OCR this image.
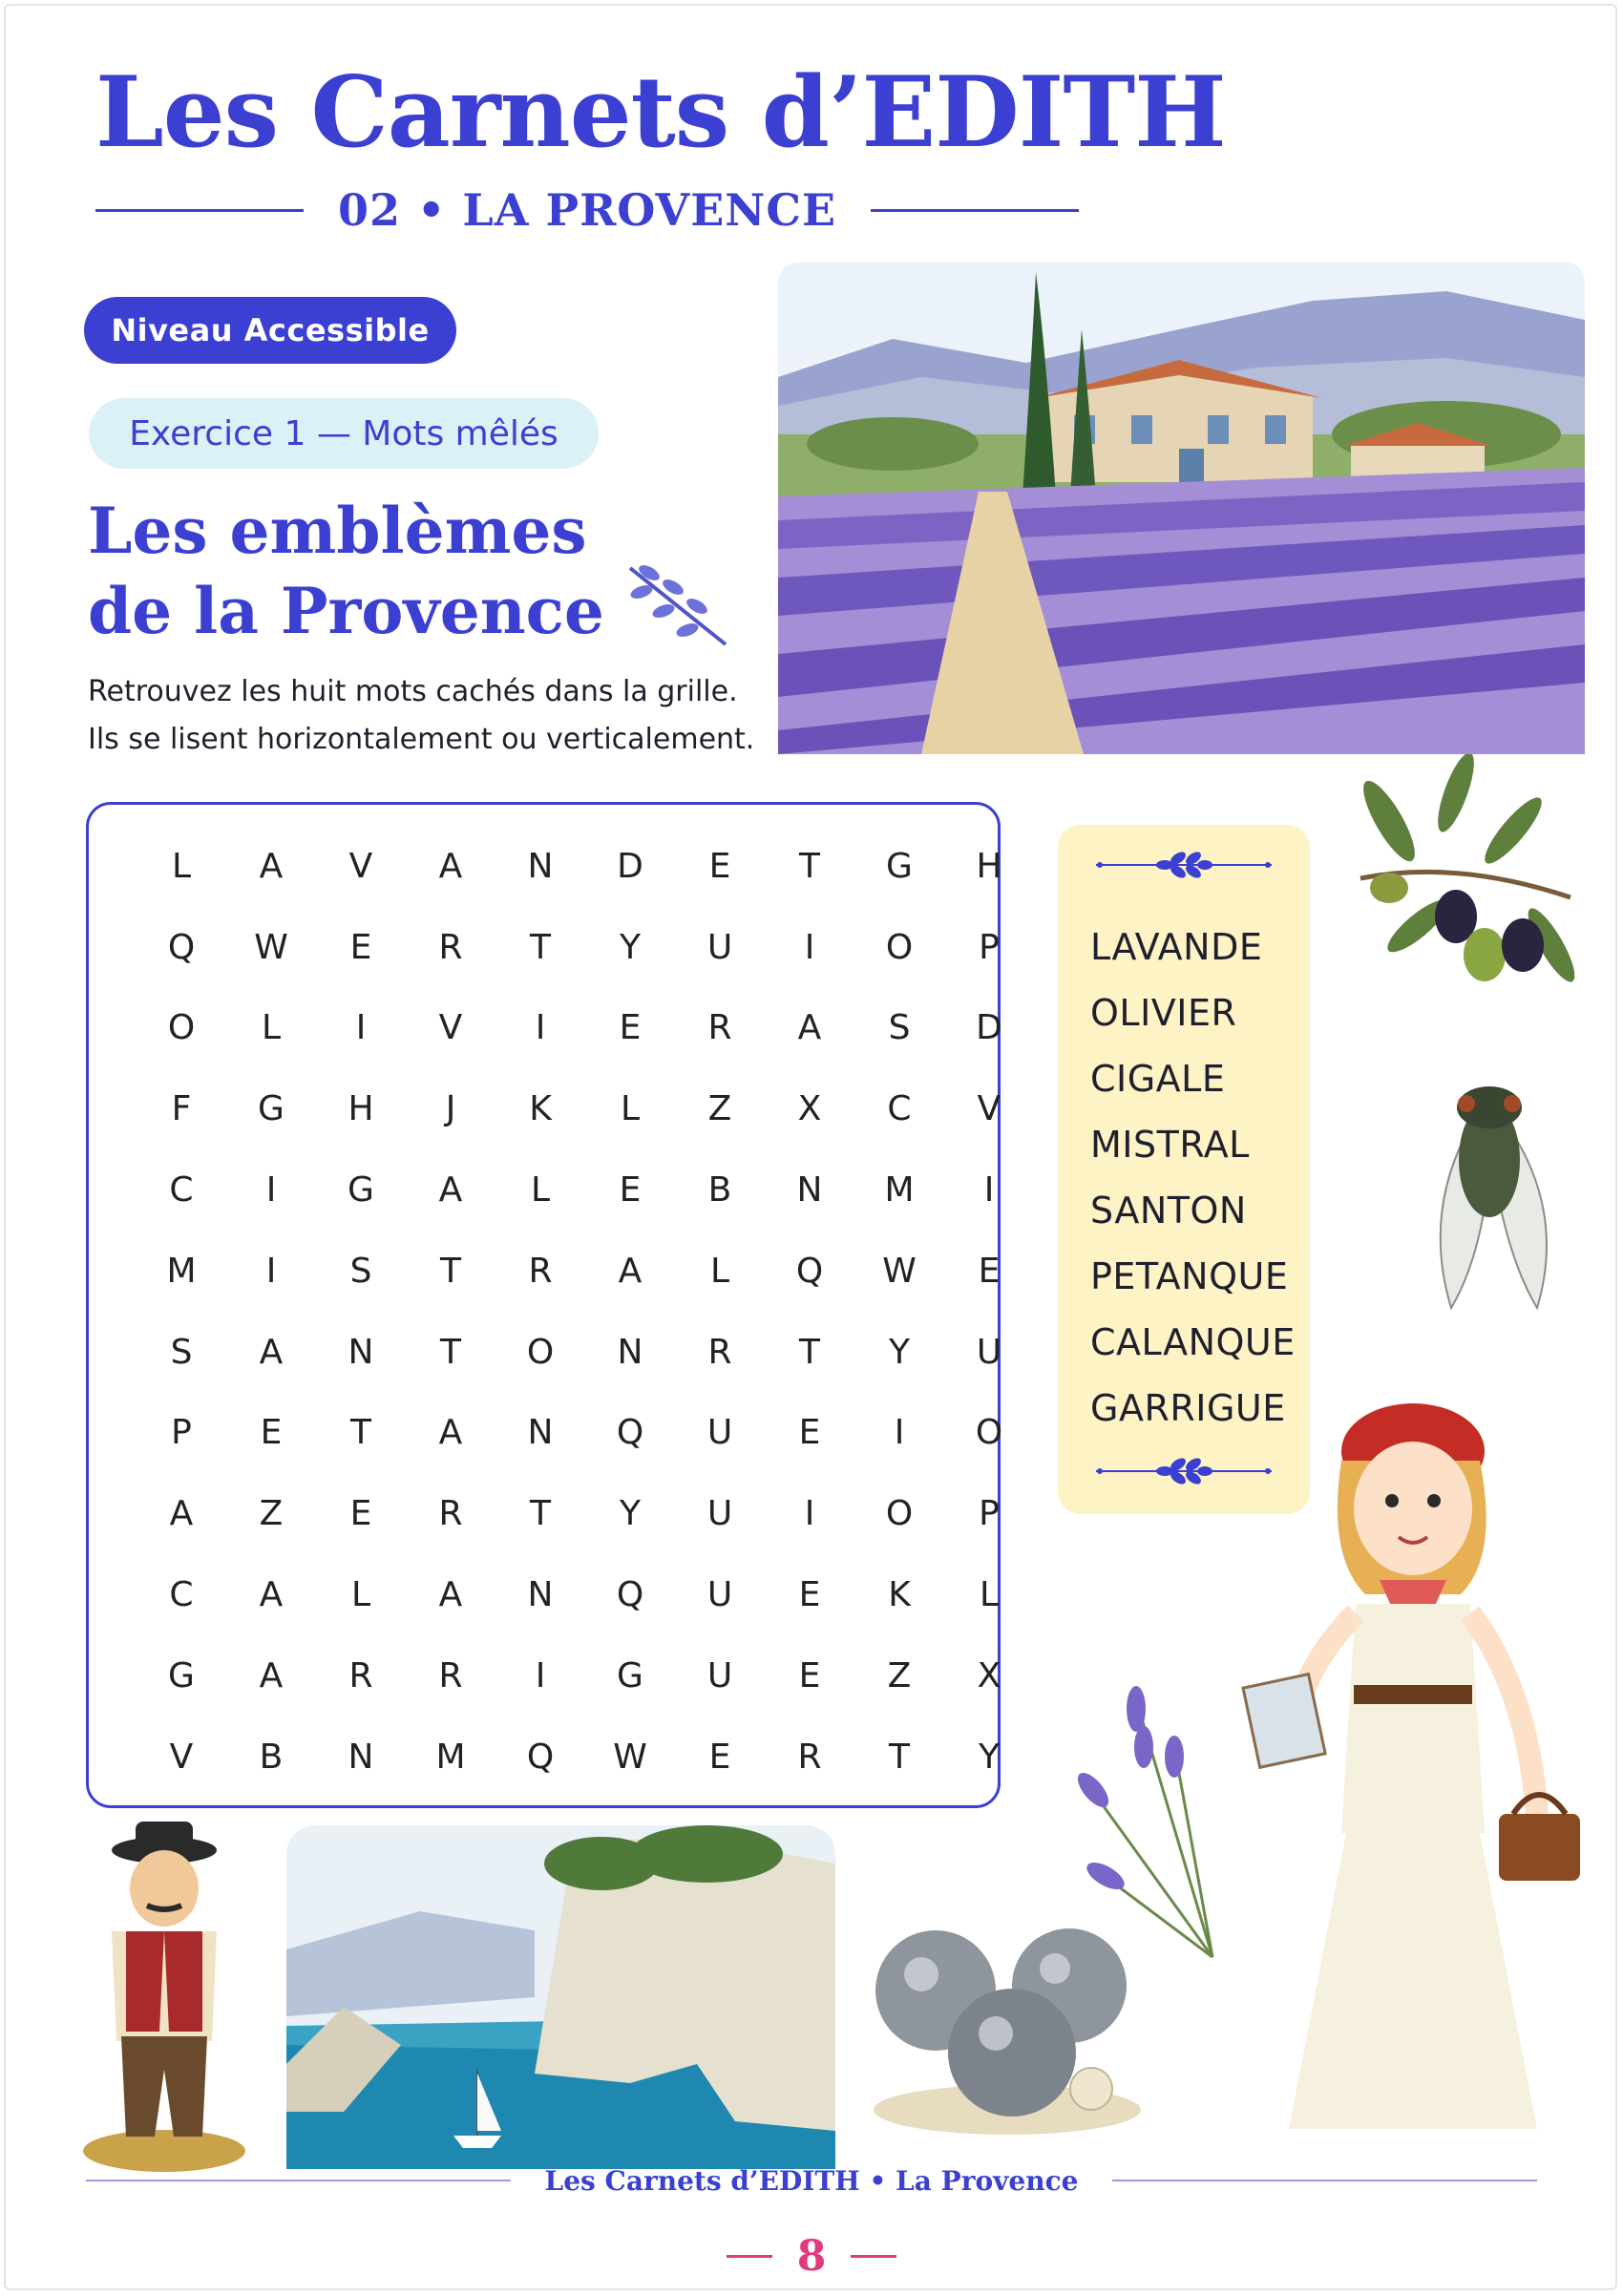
Les Carnets d’EDITH
02 • LA PROVENCE
Niveau Accessible
Exercice 1 — Mots mêlés
Les emblèmes
de la Provence
Retrouvez les huit mots cachés dans la grille.
Ils se lisent horizontalement ou verticalement.
L	A	V	A	N	D	E	T	G	H
Q	W	E	R	T	Y	U	I	O	P
O	L	I	V	I	E	R	A	S	D
F	G	H	J	K	L	Z	X	C	V
C	I	G	A	L	E	B	N	M	I
M	I	S	T	R	A	L	Q	W	E
S	A	N	T	O	N	R	T	Y	U
P	E	T	A	N	Q	U	E	I	O
A	Z	E	R	T	Y	U	I	O	P
C	A	L	A	N	Q	U	E	K	L
G	A	R	R	I	G	U	E	Z	X
V	B	N	M	Q	W	E	R	T	Y
LAVANDE
OLIVIER
CIGALE
MISTRAL
SANTON
PETANQUE
CALANQUE
GARRIGUE
Les Carnets d’EDITH • La Provence
8
